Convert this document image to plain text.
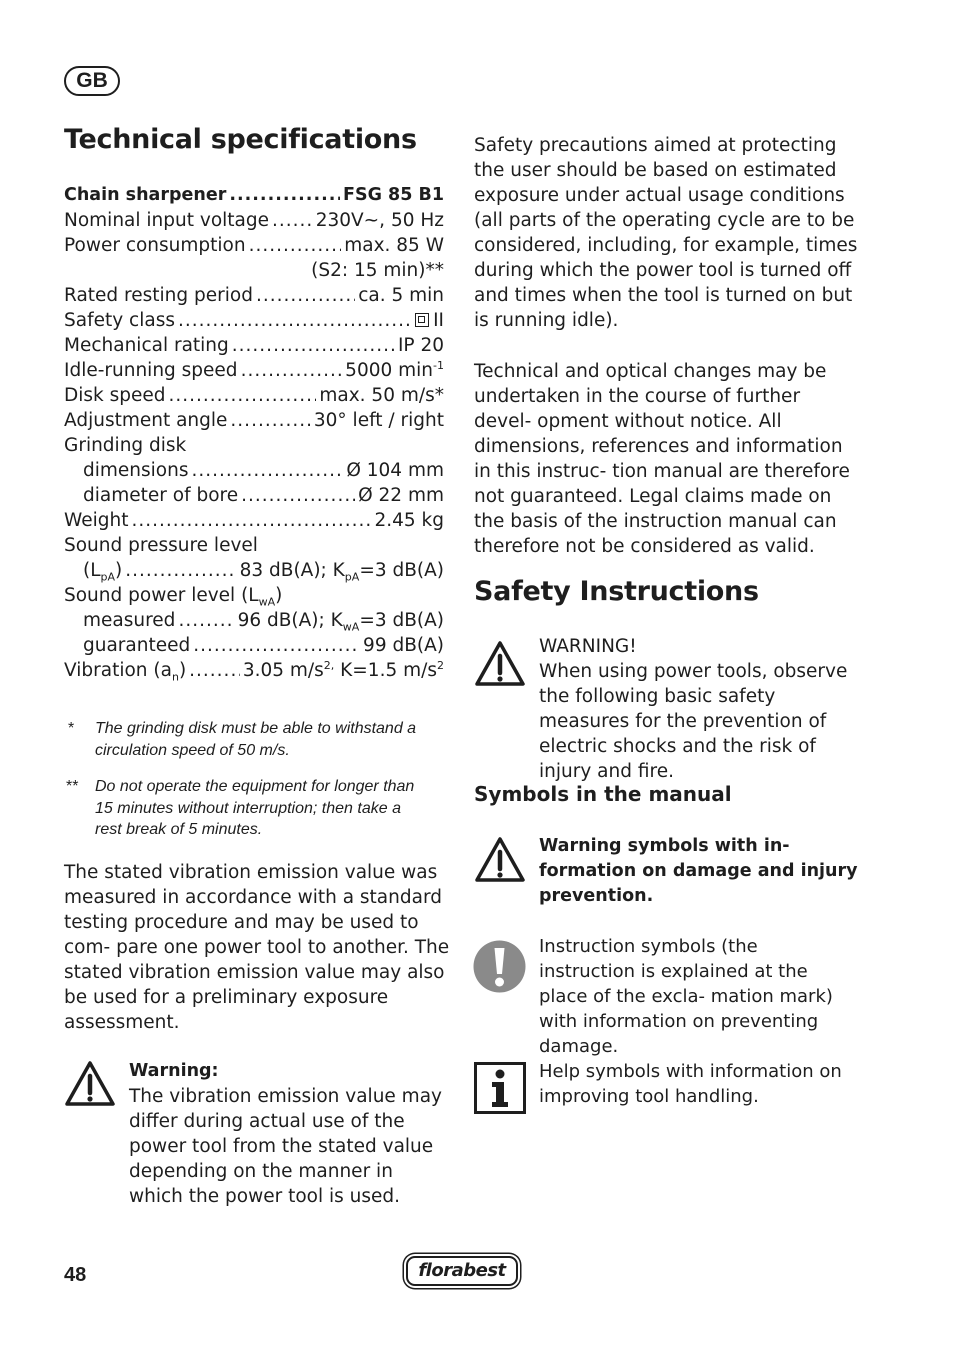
GB
Technical specifications
Chain sharpener .....	FSG 85 B1
Nominal input voltage .....	230V~, 50 Hz
Power consumption .....	max. 85 W
(S2: 15 min)**
Rated resting period .....	ca. 5 min
Safety class .....	II
Mechanical rating .....	IP 20
Idle-running speed .....	5000 $\min^{-1}$
Disk speed .....	max. 50 m/s*
Adjustment angle .....	30° left / right
Grinding disk
dimensions .....	Ø 104 mm
diameter of bore .....	Ø 22 mm
Weight .....	2.45 kg
Sound pressure level
$(L_{pA})$ .....	83 dB(A); $K_{pA}=3$ dB(A)
Sound power level $(L_{wA})$
measured .....	96 dB(A); $K_{wA}=3$ dB(A)
guaranteed .....	99 dB(A)
Vibration $(a_n)$ .....	3.05 $m/s^{2,}$ K=1.5 $m/s^2$
* The grinding disk must be able to withstand a circulation speed of 50 m/s.
** Do not operate the equipment for longer than 15 minutes without interruption; then take a rest break of 5 minutes.
The stated vibration emission value was measured in accordance with a standard testing procedure and may be used to com- pare one power tool to another. The stated vibration emission value may also be used for a preliminary exposure assessment.
Warning:
The vibration emission value may differ during actual use of the power tool from the stated value depending on the manner in which the power tool is used.
Safety precautions aimed at protecting the user should be based on estimated exposure under actual usage conditions (all parts of the operating cycle are to be considered, including, for example, times during which the power tool is turned off and times when the tool is turned on but is running idle).
Technical and optical changes may be undertaken in the course of further devel- opment without notice. All dimensions, references and information in this instruc- tion manual are therefore not guaranteed. Legal claims made on the basis of the instruction manual can therefore not be considered as valid.
Safety Instructions
WARNING!
When using power tools, observe the following basic safety measures for the prevention of electric shocks and the risk of injury and fire.
Symbols in the manual
Warning symbols with in- formation on damage and injury prevention.
Instruction symbols (the instruction is explained at the place of the excla- mation mark) with information on preventing damage.
Help symbols with information on improving tool handling.
48	florabest
